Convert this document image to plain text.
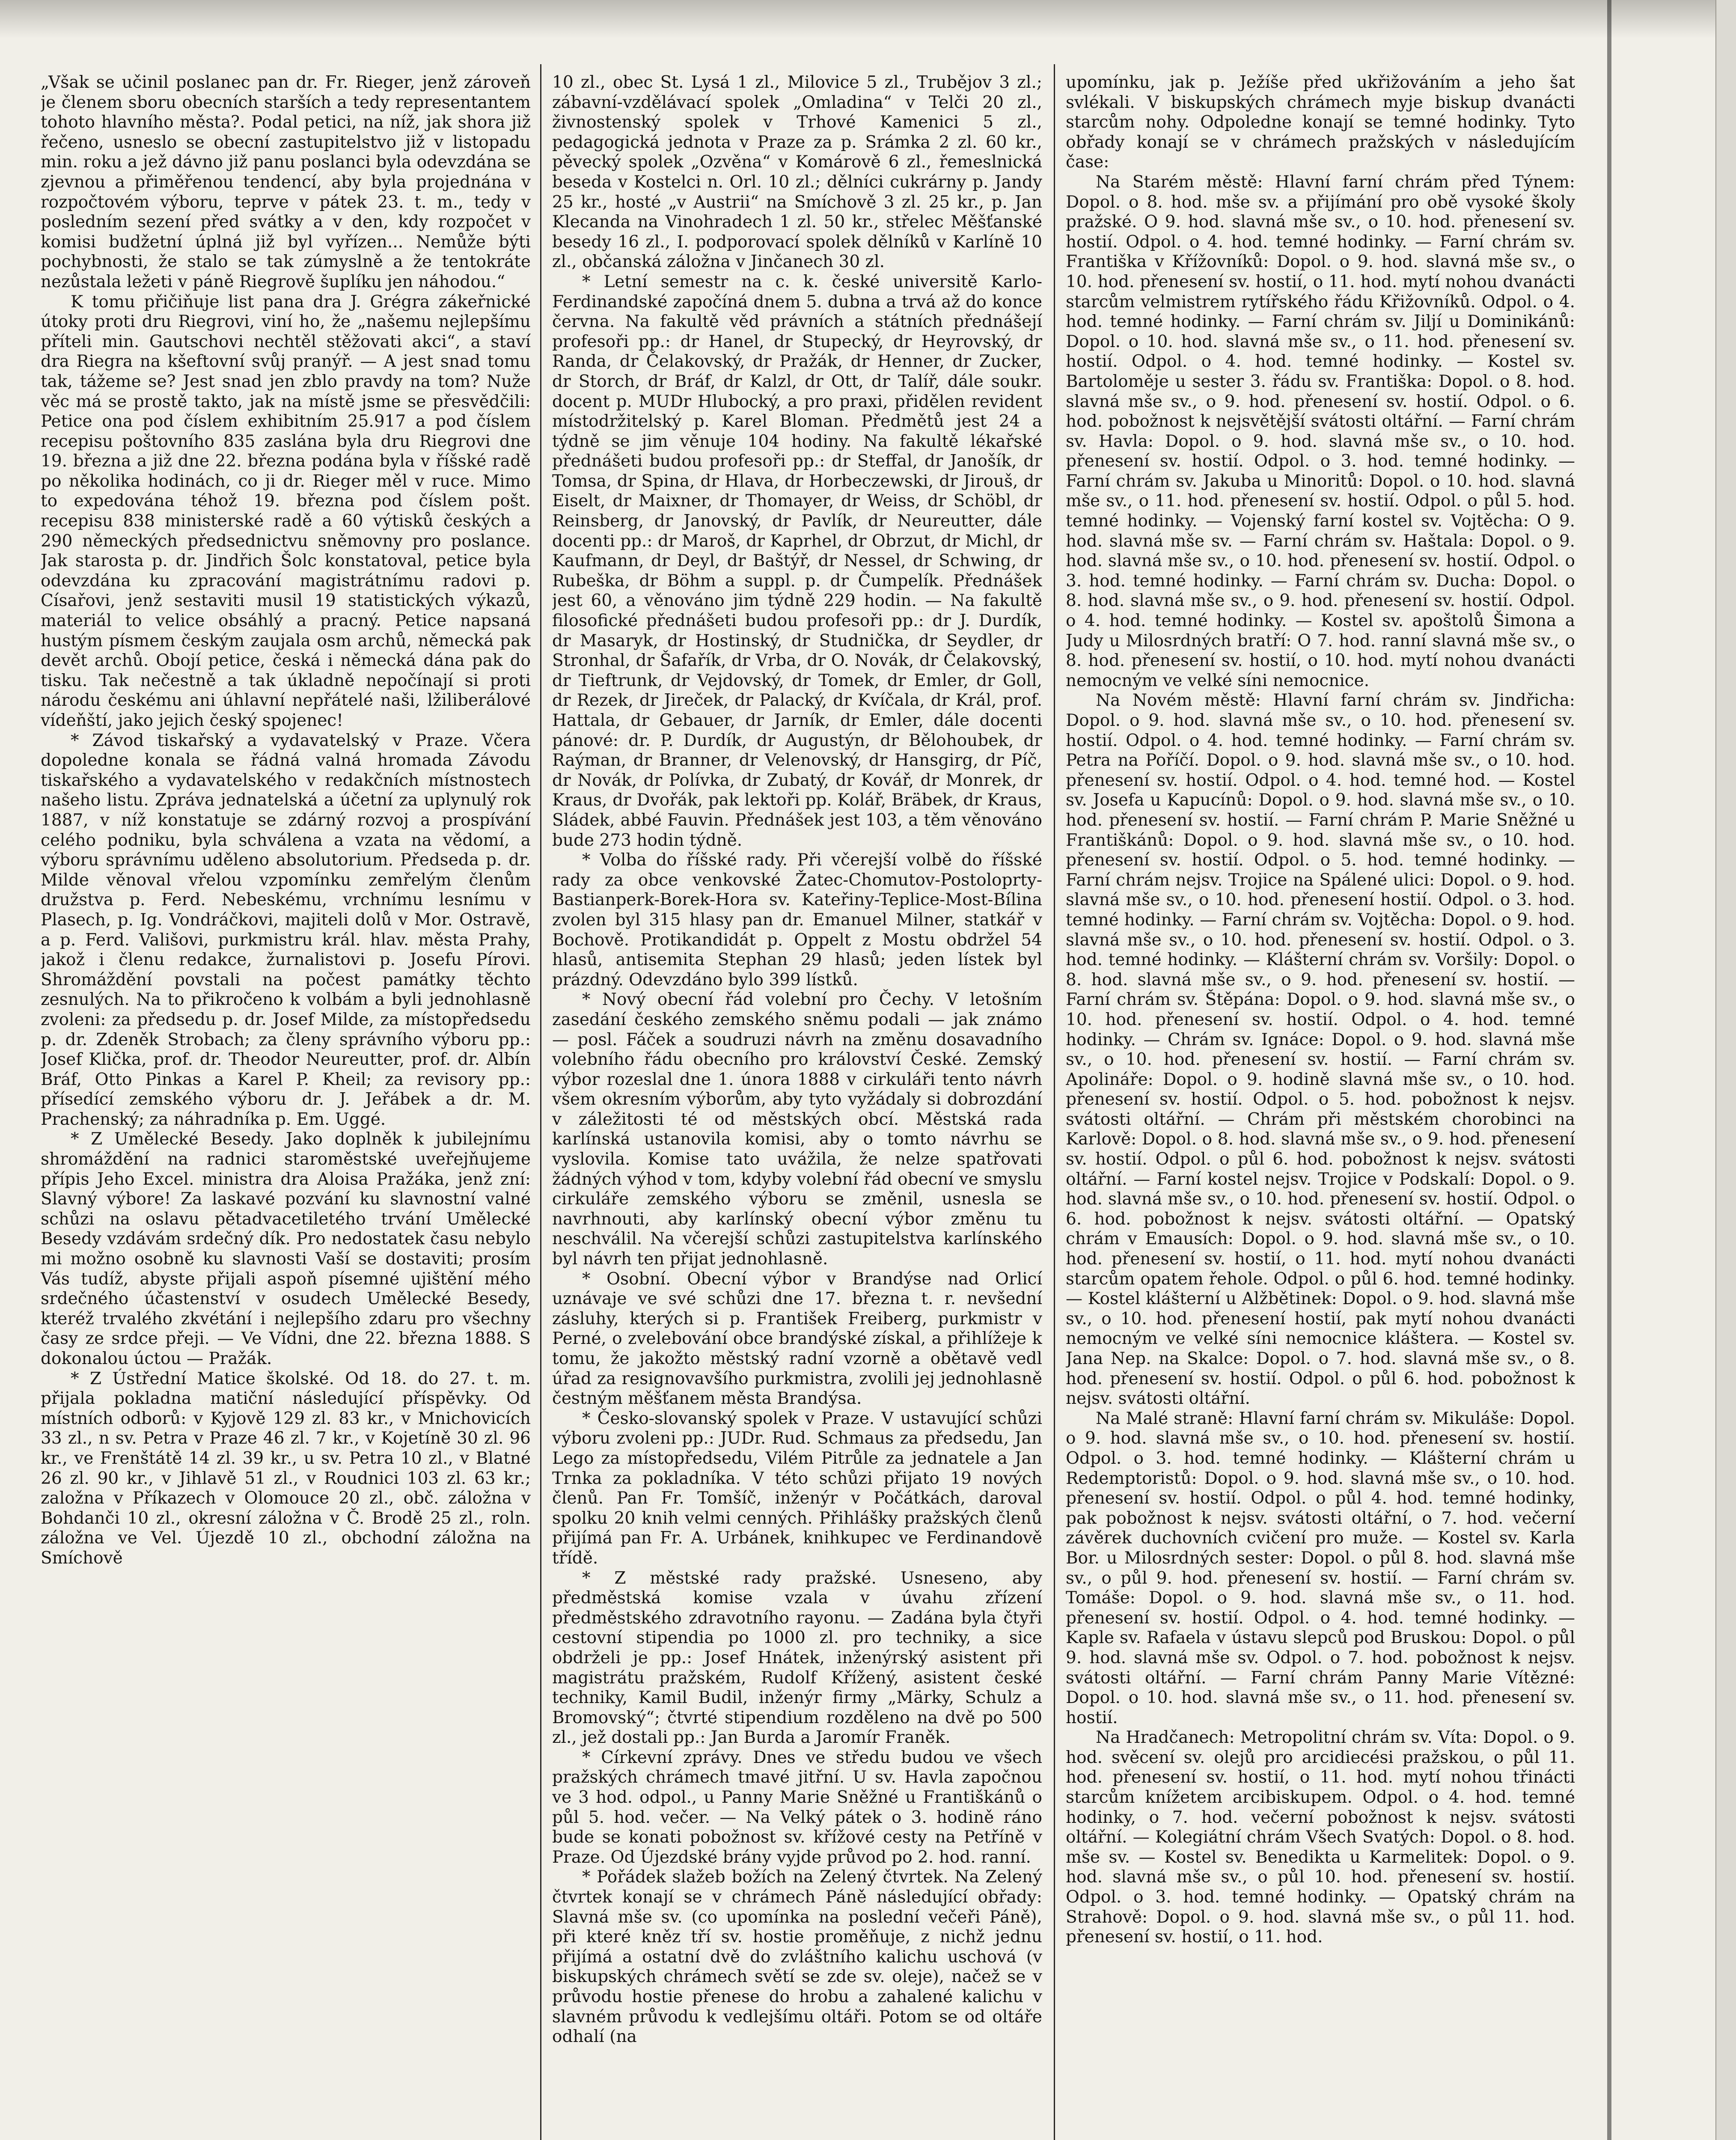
„Však se učinil poslanec pan dr. Fr. Rieger, jenž zároveň je členem sboru obecních starších a tedy representantem tohoto hlavního města?. Podal petici, na níž, jak shora již řečeno, usneslo se obecní zastupitelstvo již v listopadu min. roku a jež dávno již panu poslanci byla odevzdána se zjevnou a přiměřenou tendencí, aby byla projednána v rozpočtovém výboru, teprve v pátek 23. t. m., tedy v posledním sezení před svátky a v den, kdy rozpočet v komisi budžetní úplná již byl vyřízen... Nemůže býti pochybnosti, že stalo se tak zúmyslně a že tentokráte nezůstala ležeti v páně Riegrově šuplíku jen náhodou.“

K tomu přičiňuje list pana dra J. Grégra zákeřnické útoky proti dru Riegrovi, viní ho, že „našemu nejlepšímu příteli min. Gautschovi nechtěl stěžovati akci“, a staví dra Riegra na kšeftovní svůj pranýř. — A jest snad tomu tak, tážeme se? Jest snad jen zblo pravdy na tom? Nuže věc má se prostě takto, jak na místě jsme se přesvědčili: Petice ona pod číslem exhibitním 25.917 a pod číslem recepisu poštovního 835 zaslána byla dru Riegrovi dne 19. března a již dne 22. března podána byla v říšské radě po několika hodinách, co ji dr. Rieger měl v ruce. Mimo to expedována téhož 19. března pod číslem pošt. recepisu 838 ministerské radě a 60 výtisků českých a 290 německých předsednictvu sněmovny pro poslance. Jak starosta p. dr. Jindřich Šolc konstatoval, petice byla odevzdána ku zpracování magistrátnímu radovi p. Císařovi, jenž sestaviti musil 19 statistických výkazů, materiál to velice obsáhlý a pracný. Petice napsaná hustým písmem českým zaujala osm archů, německá pak devět archů. Obojí petice, česká i německá dána pak do tisku. Tak nečestně a tak úkladně nepočínají si proti národu českému ani úhlavní nepřátelé naši, lžiliberálové vídeňští, jako jejich český spojenec!

* Závod tiskařský a vydavatelský v Praze. Včera dopoledne konala se řádná valná hromada Závodu tiskařského a vydavatelského v redakčních místnostech našeho listu. Zpráva jednatelská a účetní za uplynulý rok 1887, v níž konstatuje se zdárný rozvoj a prospívání celého podniku, byla schválena a vzata na vědomí, a výboru správnímu uděleno absolutorium. Předseda p. dr. Milde věnoval vřelou vzpomínku zemřelým členům družstva p. Ferd. Nebeskému, vrchnímu lesnímu v Plasech, p. Ig. Vondráčkovi, majiteli dolů v Mor. Ostravě, a p. Ferd. Vališovi, purkmistru král. hlav. města Prahy, jakož i členu redakce, žurnalistovi p. Josefu Pírovi. Shromáždění povstali na počest památky těchto zesnulých. Na to přikročeno k volbám a byli jednohlasně zvoleni: za předsedu p. dr. Josef Milde, za místopředsedu p. dr. Zdeněk Strobach; za členy správního výboru pp.: Josef Klička, prof. dr. Theodor Neureutter, prof. dr. Albín Bráf, Otto Pinkas a Karel P. Kheil; za revisory pp.: přísedící zemského výboru dr. J. Jeřábek a dr. M. Prachenský; za náhradníka p. Em. Uggé.

* Z Umělecké Besedy. Jako doplněk k jubilejnímu shromáždění na radnici staroměstské uveřejňujeme přípis Jeho Excel. ministra dra Aloisa Pražáka, jenž zní: Slavný výbore! Za laskavé pozvání ku slavnostní valné schůzi na oslavu pětadvacetiletého trvání Umělecké Besedy vzdávám srdečný dík. Pro nedostatek času nebylo mi možno osobně ku slavnosti Vaší se dostaviti; prosím Vás tudíž, abyste přijali aspoň písemné ujištění mého srdečného účastenství v osudech Umělecké Besedy, kteréž trvalého zkvétání i nejlepšího zdaru pro všechny časy ze srdce přeji. — Ve Vídni, dne 22. března 1888. S dokonalou úctou — Pražák.

* Z Ústřední Matice školské. Od 18. do 27. t. m. přijala pokladna matiční následující příspěvky. Od místních odborů: v Kyjově 129 zl. 83 kr., v Mnichovicích 33 zl., n sv. Petra v Praze 46 zl. 7 kr., v Kojetíně 30 zl. 96 kr., ve Frenštátě 14 zl. 39 kr., u sv. Petra 10 zl., v Blatné 26 zl. 90 kr., v Jihlavě 51 zl., v Roudnici 103 zl. 63 kr.; založna v Příkazech v Olomouce 20 zl., obč. záložna v Bohdanči 10 zl., okresní záložna v Č. Brodě 25 zl., roln. záložna ve Vel. Újezdě 10 zl., obchodní záložna na Smíchově

10 zl., obec St. Lysá 1 zl., Milovice 5 zl., Trubějov 3 zl.; zábavní-vzdělávací spolek „Omladina“ v Telči 20 zl., živnostenský spolek v Trhové Kamenici 5 zl., pedagogická jednota v Praze za p. Srámka 2 zl. 60 kr., pěvecký spolek „Ozvěna“ v Komárově 6 zl., řemeslnická beseda v Kostelci n. Orl. 10 zl.; dělníci cukrárny p. Jandy 25 kr., hosté „v Austrii“ na Smíchově 3 zl. 25 kr., p. Jan Klecanda na Vinohradech 1 zl. 50 kr., střelec Měšťanské besedy 16 zl., I. podporovací spolek dělníků v Karlíně 10 zl., občanská záložna v Jinčanech 30 zl.

* Letní semestr na c. k. české universitě Karlo-Ferdinandské započíná dnem 5. dubna a trvá až do konce června. Na fakultě věd právních a státních přednášejí profesoři pp.: dr Hanel, dr Stupecký, dr Heyrovský, dr Randa, dr Čelakovský, dr Pražák, dr Henner, dr Zucker, dr Storch, dr Bráf, dr Kalzl, dr Ott, dr Talíř, dále soukr. docent p. MUDr Hlubocký, a pro praxi, přidělen revident místodržitelský p. Karel Bloman. Předmětů jest 24 a týdně se jim věnuje 104 hodiny. Na fakultě lékařské přednášeti budou profesoři pp.: dr Steffal, dr Janošík, dr Tomsa, dr Spina, dr Hlava, dr Horbeczewski, dr Jirouš, dr Eiselt, dr Maixner, dr Thomayer, dr Weiss, dr Schöbl, dr Reinsberg, dr Janovský, dr Pavlík, dr Neureutter, dále docenti pp.: dr Maroš, dr Kaprhel, dr Obrzut, dr Michl, dr Kaufmann, dr Deyl, dr Baštýř, dr Nessel, dr Schwing, dr Rubeška, dr Böhm a suppl. p. dr Čumpelík. Přednášek jest 60, a věnováno jim týdně 229 hodin. — Na fakultě filosofické přednášeti budou profesoři pp.: dr J. Durdík, dr Masaryk, dr Hostinský, dr Studnička, dr Seydler, dr Stronhal, dr Šafařík, dr Vrba, dr O. Novák, dr Čelakovský, dr Tieftrunk, dr Vejdovský, dr Tomek, dr Emler, dr Goll, dr Rezek, dr Jireček, dr Palacký, dr Kvíčala, dr Král, prof. Hattala, dr Gebauer, dr Jarník, dr Emler, dále docenti pánové: dr. P. Durdík, dr Augustýn, dr Bělohoubek, dr Raýman, dr Branner, dr Velenovský, dr Hansgirg, dr Píč, dr Novák, dr Polívka, dr Zubatý, dr Kovář, dr Monrek, dr Kraus, dr Dvořák, pak lektoři pp. Kolář, Bräbek, dr Kraus, Sládek, abbé Fauvin. Přednášek jest 103, a těm věnováno bude 273 hodin týdně.

* Volba do říšské rady. Při včerejší volbě do říšské rady za obce venkovské Žatec-Chomutov-Postoloprty-Bastianperk-Borek-Hora sv. Kateřiny-Teplice-Most-Bílina zvolen byl 315 hlasy pan dr. Emanuel Milner, statkář v Bochově. Protikandidát p. Oppelt z Mostu obdržel 54 hlasů, antisemita Stephan 29 hlasů; jeden lístek byl prázdný. Odevzdáno bylo 399 lístků.

* Nový obecní řád volební pro Čechy. V letošním zasedání českého zemského sněmu podali — jak známo — posl. Fáček a soudruzi návrh na změnu dosavadního volebního řádu obecního pro království České. Zemský výbor rozeslal dne 1. února 1888 v cirkuláři tento návrh všem okresním výborům, aby tyto vyžádaly si dobrozdání v záležitosti té od městských obcí. Městská rada karlínská ustanovila komisi, aby o tomto návrhu se vyslovila. Komise tato uvážila, že nelze spatřovati žádných výhod v tom, kdyby volební řád obecní ve smyslu cirkuláře zemského výboru se změnil, usnesla se navrhnouti, aby karlínský obecní výbor změnu tu neschválil. Na včerejší schůzi zastupitelstva karlínského byl návrh ten přijat jednohlasně.

* Osobní. Obecní výbor v Brandýse nad Orlicí uznávaje ve své schůzi dne 17. března t. r. nevšední zásluhy, kterých si p. František Freiberg, purkmistr v Perné, o zvelebování obce brandýské získal, a přihlížeje k tomu, že jakožto městský radní vzorně a obětavě vedl úřad za resignovavšího purkmistra, zvolili jej jednohlasně čestným měšťanem města Brandýsa.

* Česko-slovanský spolek v Praze. V ustavující schůzi výboru zvoleni pp.: JUDr. Rud. Schmaus za předsedu, Jan Lego za místopředsedu, Vilém Pitrůle za jednatele a Jan Trnka za pokladníka. V této schůzi přijato 19 nových členů. Pan Fr. Tomšíč, inženýr v Počátkách, daroval spolku 20 knih velmi cenných. Přihlášky pražských členů přijímá pan Fr. A. Urbánek, knihkupec ve Ferdinandově třídě.

* Z městské rady pražské. Usneseno, aby předměstská komise vzala v úvahu zřízení předměstského zdravotního rayonu. — Zadána byla čtyři cestovní stipendia po 1000 zl. pro techniky, a sice obdrželi je pp.: Josef Hnátek, inženýrský asistent při magistrátu pražském, Rudolf Křížený, asistent české techniky, Kamil Budil, inženýr firmy „Märky, Schulz a Bromovský“; čtvrté stipendium rozděleno na dvě po 500 zl., jež dostali pp.: Jan Burda a Jaromír Franěk.

* Církevní zprávy. Dnes ve středu budou ve všech pražských chrámech tmavé jitřní. U sv. Havla započnou ve 3 hod. odpol., u Panny Marie Sněžné u Františkánů o půl 5. hod. večer. — Na Velký pátek o 3. hodině ráno bude se konati pobožnost sv. křížové cesty na Petříně v Praze. Od Újezdské brány vyjde průvod po 2. hod. ranní.

* Pořádek slažeb božích na Zelený čtvrtek. Na Zelený čtvrtek konají se v chrámech Páně následující obřady: Slavná mše sv. (co upomínka na poslední večeři Páně), při které kněz tří sv. hostie proměňuje, z nichž jednu přijímá a ostatní dvě do zvláštního kalichu uschová (v biskupských chrámech světí se zde sv. oleje), načež se v průvodu hostie přenese do hrobu a zahalené kalichu v slavném průvodu k vedlejšímu oltáři. Potom se od oltáře odhalí (na

upomínku, jak p. Ježíše před ukřižováním a jeho šat svlékali. V biskupských chrámech myje biskup dvanácti starcům nohy. Odpoledne konají se temné hodinky. Tyto obřady konají se v chrámech pražských v následujícím čase:

Na Starém městě: Hlavní farní chrám před Týnem: Dopol. o 8. hod. mše sv. a přijímání pro obě vysoké školy pražské. O 9. hod. slavná mše sv., o 10. hod. přenesení sv. hostií. Odpol. o 4. hod. temné hodinky. — Farní chrám sv. Františka v Křížovníků: Dopol. o 9. hod. slavná mše sv., o 10. hod. přenesení sv. hostií, o 11. hod. mytí nohou dvanácti starcům velmistrem rytířského řádu Křižovníků. Odpol. o 4. hod. temné hodinky. — Farní chrám sv. Jiljí u Dominikánů: Dopol. o 10. hod. slavná mše sv., o 11. hod. přenesení sv. hostií. Odpol. o 4. hod. temné hodinky. — Kostel sv. Bartoloměje u sester 3. řádu sv. Františka: Dopol. o 8. hod. slavná mše sv., o 9. hod. přenesení sv. hostií. Odpol. o 6. hod. pobožnost k nejsvětější svátosti oltářní. — Farní chrám sv. Havla: Dopol. o 9. hod. slavná mše sv., o 10. hod. přenesení sv. hostií. Odpol. o 3. hod. temné hodinky. — Farní chrám sv. Jakuba u Minoritů: Dopol. o 10. hod. slavná mše sv., o 11. hod. přenesení sv. hostií. Odpol. o půl 5. hod. temné hodinky. — Vojenský farní kostel sv. Vojtěcha: O 9. hod. slavná mše sv. — Farní chrám sv. Haštala: Dopol. o 9. hod. slavná mše sv., o 10. hod. přenesení sv. hostií. Odpol. o 3. hod. temné hodinky. — Farní chrám sv. Ducha: Dopol. o 8. hod. slavná mše sv., o 9. hod. přenesení sv. hostií. Odpol. o 4. hod. temné hodinky. — Kostel sv. apoštolů Šimona a Judy u Milosrdných bratří: O 7. hod. ranní slavná mše sv., o 8. hod. přenesení sv. hostií, o 10. hod. mytí nohou dvanácti nemocným ve velké síni nemocnice.

Na Novém městě: Hlavní farní chrám sv. Jindřicha: Dopol. o 9. hod. slavná mše sv., o 10. hod. přenesení sv. hostií. Odpol. o 4. hod. temné hodinky. — Farní chrám sv. Petra na Poříčí. Dopol. o 9. hod. slavná mše sv., o 10. hod. přenesení sv. hostií. Odpol. o 4. hod. temné hod. — Kostel sv. Josefa u Kapucínů: Dopol. o 9. hod. slavná mše sv., o 10. hod. přenesení sv. hostií. — Farní chrám P. Marie Sněžné u Františkánů: Dopol. o 9. hod. slavná mše sv., o 10. hod. přenesení sv. hostií. Odpol. o 5. hod. temné hodinky. — Farní chrám nejsv. Trojice na Spálené ulici: Dopol. o 9. hod. slavná mše sv., o 10. hod. přenesení hostií. Odpol. o 3. hod. temné hodinky. — Farní chrám sv. Vojtěcha: Dopol. o 9. hod. slavná mše sv., o 10. hod. přenesení sv. hostií. Odpol. o 3. hod. temné hodinky. — Klášterní chrám sv. Voršily: Dopol. o 8. hod. slavná mše sv., o 9. hod. přenesení sv. hostií. — Farní chrám sv. Štěpána: Dopol. o 9. hod. slavná mše sv., o 10. hod. přenesení sv. hostií. Odpol. o 4. hod. temné hodinky. — Chrám sv. Ignáce: Dopol. o 9. hod. slavná mše sv., o 10. hod. přenesení sv. hostií. — Farní chrám sv. Apolináře: Dopol. o 9. hodině slavná mše sv., o 10. hod. přenesení sv. hostií. Odpol. o 5. hod. pobožnost k nejsv. svátosti oltářní. — Chrám při městském chorobinci na Karlově: Dopol. o 8. hod. slavná mše sv., o 9. hod. přenesení sv. hostií. Odpol. o půl 6. hod. pobožnost k nejsv. svátosti oltářní. — Farní kostel nejsv. Trojice v Podskalí: Dopol. o 9. hod. slavná mše sv., o 10. hod. přenesení sv. hostií. Odpol. o 6. hod. pobožnost k nejsv. svátosti oltářní. — Opatský chrám v Emausích: Dopol. o 9. hod. slavná mše sv., o 10. hod. přenesení sv. hostií, o 11. hod. mytí nohou dvanácti starcům opatem řehole. Odpol. o půl 6. hod. temné hodinky. — Kostel klášterní u Alžbětinek: Dopol. o 9. hod. slavná mše sv., o 10. hod. přenesení hostií, pak mytí nohou dvanácti nemocným ve velké síni nemocnice kláštera. — Kostel sv. Jana Nep. na Skalce: Dopol. o 7. hod. slavná mše sv., o 8. hod. přenesení sv. hostií. Odpol. o půl 6. hod. pobožnost k nejsv. svátosti oltářní.

Na Malé straně: Hlavní farní chrám sv. Mikuláše: Dopol. o 9. hod. slavná mše sv., o 10. hod. přenesení sv. hostií. Odpol. o 3. hod. temné hodinky. — Klášterní chrám u Redemptoristů: Dopol. o 9. hod. slavná mše sv., o 10. hod. přenesení sv. hostií. Odpol. o půl 4. hod. temné hodinky, pak pobožnost k nejsv. svátosti oltářní, o 7. hod. večerní závěrek duchovních cvičení pro muže. — Kostel sv. Karla Bor. u Milosrdných sester: Dopol. o půl 8. hod. slavná mše sv., o půl 9. hod. přenesení sv. hostií. — Farní chrám sv. Tomáše: Dopol. o 9. hod. slavná mše sv., o 11. hod. přenesení sv. hostií. Odpol. o 4. hod. temné hodinky. — Kaple sv. Rafaela v ústavu slepců pod Bruskou: Dopol. o půl 9. hod. slavná mše sv. Odpol. o 7. hod. pobožnost k nejsv. svátosti oltářní. — Farní chrám Panny Marie Vítězné: Dopol. o 10. hod. slavná mše sv., o 11. hod. přenesení sv. hostií.

Na Hradčanech: Metropolitní chrám sv. Víta: Dopol. o 9. hod. svěcení sv. olejů pro arcidiecési pražskou, o půl 11. hod. přenesení sv. hostií, o 11. hod. mytí nohou třinácti starcům knížetem arcibiskupem. Odpol. o 4. hod. temné hodinky, o 7. hod. večerní pobožnost k nejsv. svátosti oltářní. — Kolegiátní chrám Všech Svatých: Dopol. o 8. hod. mše sv. — Kostel sv. Benedikta u Karmelitek: Dopol. o 9. hod. slavná mše sv., o půl 10. hod. přenesení sv. hostií. Odpol. o 3. hod. temné hodinky. — Opatský chrám na Strahově: Dopol. o 9. hod. slavná mše sv., o půl 11. hod. přenesení sv. hostií, o 11. hod.
